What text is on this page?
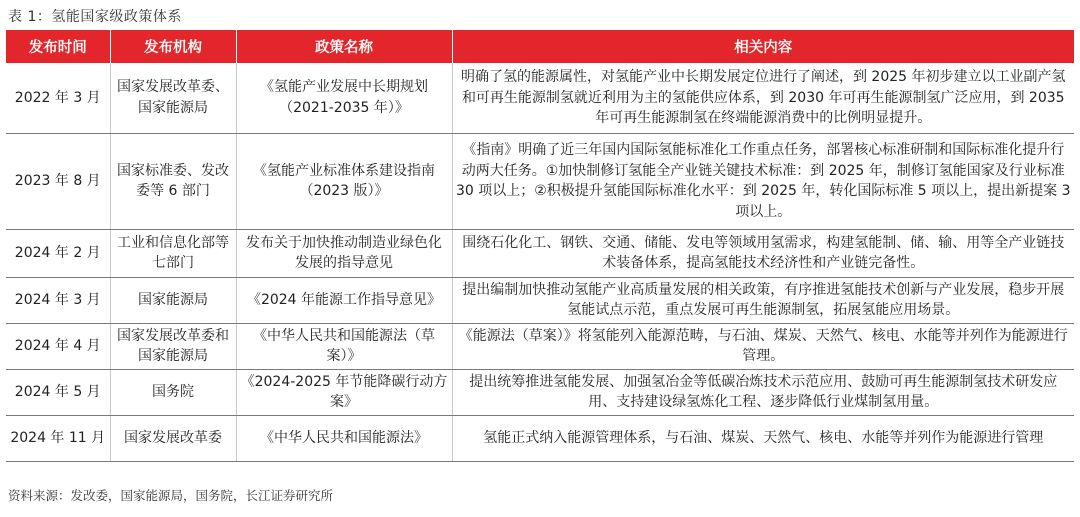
表 1：氢能国家级政策体系
发布时间	发布机构	政策名称	相关内容
2022 年 3 月	国家发展改革委、国家能源局	《氢能产业发展中长期规划（2021-2035 年）》	明确了氢的能源属性，对氢能产业中长期发展定位进行了阐述，到 2025 年初步建立以工业副产氢和可再生能源制氢就近利用为主的氢能供应体系，到 2030 年可再生能源制氢广泛应用，到 2035 年可再生能源制氢在终端能源消费中的比例明显提升。
2023 年 8 月	国家标准委、发改委等 6 部门	《氢能产业标准体系建设指南（2023 版）》	《指南》明确了近三年国内国际氢能标准化工作重点任务，部署核心标准研制和国际标准化提升行动两大任务。①加快制修订氢能全产业链关键技术标准：到 2025 年，制修订氢能国家及行业标准 30 项以上；②积极提升氢能国际标准化水平：到 2025 年，转化国际标准 5 项以上，提出新提案 3 项以上。
2024 年 2 月	工业和信息化部等七部门	发布关于加快推动制造业绿色化发展的指导意见	围绕石化化工、钢铁、交通、储能、发电等领域用氢需求，构建氢能制、储、输、用等全产业链技术装备体系，提高氢能技术经济性和产业链完备性。
2024 年 3 月	国家能源局	《2024 年能源工作指导意见》	提出编制加快推动氢能产业高质量发展的相关政策，有序推进氢能技术创新与产业发展，稳步开展氢能试点示范，重点发展可再生能源制氢，拓展氢能应用场景。
2024 年 4 月	国家发展改革委和国家能源局	《中华人民共和国能源法（草案）》	《能源法（草案）》将氢能列入能源范畴，与石油、煤炭、天然气、核电、水能等并列作为能源进行管理。
2024 年 5 月	国务院	《2024-2025 年节能降碳行动方案》	提出统筹推进氢能发展、加强氢冶金等低碳冶炼技术示范应用、鼓励可再生能源制氢技术研发应用、支持建设绿氢炼化工程、逐步降低行业煤制氢用量。
2024 年 11 月	国家发展改革委	《中华人民共和国能源法》	氢能正式纳入能源管理体系，与石油、煤炭、天然气、核电、水能等并列作为能源进行管理
资料来源：发改委，国家能源局，国务院，长江证券研究所
